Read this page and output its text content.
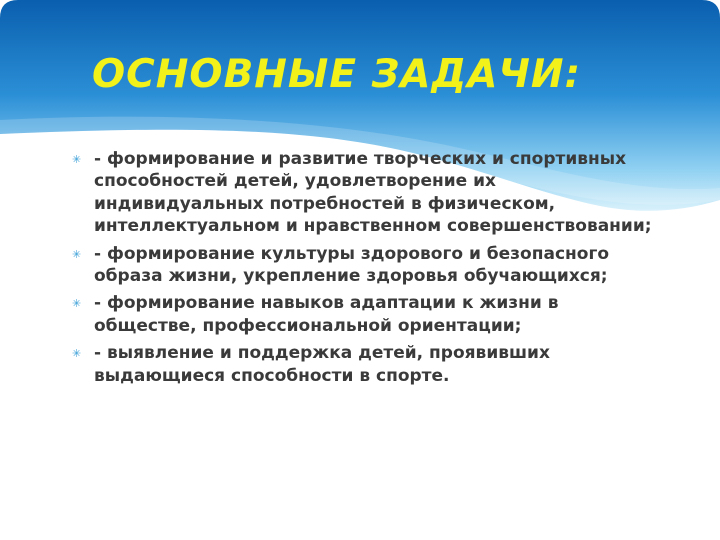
ОСНОВНЫЕ ЗАДАЧИ:
✳ - формирование и развитие творческих и спортивных способностей детей, удовлетворение их индивидуальных потребностей в физическом, интеллектуальном и нравственном совершенствовании;
✳ - формирование культуры здорового и безопасного образа жизни, укрепление здоровья обучающихся;
✳ - формирование навыков адаптации к жизни в обществе, профессиональной ориентации;
✳ - выявление и поддержка детей, проявивших выдающиеся способности в спорте.
